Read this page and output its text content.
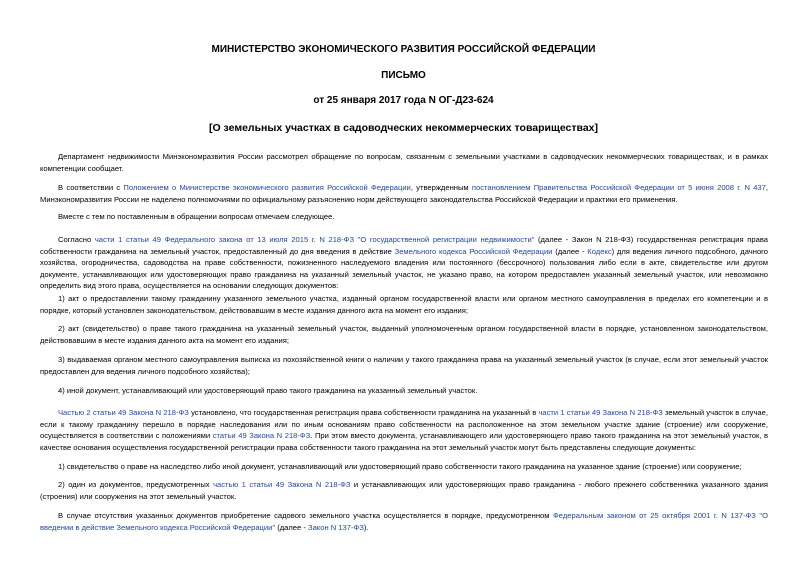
МИНИСТЕРСТВО ЭКОНОМИЧЕСКОГО РАЗВИТИЯ РОССИЙСКОЙ ФЕДЕРАЦИИ
ПИСЬМО
от 25 января 2017 года N ОГ-Д23-624
[О земельных участках в садоводческих некоммерческих товариществах]

Департамент недвижимости Минэкономразвития России рассмотрел обращение по вопросам, связанным с земельными участками в садоводческих некоммерческих товариществах, и в рамках компетенции сообщает.

В соответствии с Положением о Министерстве экономического развития Российской Федерации, утвержденным постановлением Правительства Российской Федерации от 5 июня 2008 г. N 437, Минэкономразвития России не наделено полномочиями по официальному разъяснению норм действующего законодательства Российской Федерации и практики его применения.

Вместе с тем по поставленным в обращении вопросам отмечаем следующее.

Согласно части 1 статьи 49 Федерального закона от 13 июля 2015 г. N 218-ФЗ "О государственной регистрации недвижимости" (далее - Закон N 218-ФЗ) государственная регистрация права собственности гражданина на земельный участок, предоставленный до дня введения в действие Земельного кодекса Российской Федерации (далее - Кодекс) для ведения личного подсобного, дачного хозяйства, огородничества, садоводства на праве собственности, пожизненного наследуемого владения или постоянного (бессрочного) пользования либо если в акте, свидетельстве или другом документе, устанавливающих или удостоверяющих право гражданина на указанный земельный участок, не указано право, на котором предоставлен указанный земельный участок, или невозможно определить вид этого права, осуществляется на основании следующих документов:

1) акт о предоставлении такому гражданину указанного земельного участка, изданный органом государственной власти или органом местного самоуправления в пределах его компетенции и в порядке, который установлен законодательством, действовавшим в месте издания данного акта на момент его издания;

2) акт (свидетельство) о праве такого гражданина на указанный земельный участок, выданный уполномоченным органом государственной власти в порядке, установленном законодательством, действовавшим в месте издания данного акта на момент его издания;

3) выдаваемая органом местного самоуправления выписка из похозяйственной книги о наличии у такого гражданина права на указанный земельный участок (в случае, если этот земельный участок предоставлен для ведения личного подсобного хозяйства);

4) иной документ, устанавливающий или удостоверяющий право такого гражданина на указанный земельный участок.

Частью 2 статьи 49 Закона N 218-ФЗ установлено, что государственная регистрация права собственности гражданина на указанный в части 1 статьи 49 Закона N 218-ФЗ земельный участок в случае, если к такому гражданину перешло в порядке наследования или по иным основаниям право собственности на расположенное на этом земельном участке здание (строение) или сооружение, осуществляется в соответствии с положениями статьи 49 Закона N 218-ФЗ. При этом вместо документа, устанавливающего или удостоверяющего право такого гражданина на этот земельный участок, в качестве основания осуществления государственной регистрации права собственности такого гражданина на этот земельный участок могут быть представлены следующие документы:

1) свидетельство о праве на наследство либо иной документ, устанавливающий или удостоверяющий право собственности такого гражданина на указанное здание (строение) или сооружение;

2) один из документов, предусмотренных частью 1 статьи 49 Закона N 218-ФЗ и устанавливающих или удостоверяющих право гражданина - любого прежнего собственника указанного здания (строения) или сооружения на этот земельный участок.

В случае отсутствия указанных документов приобретение садового земельного участка осуществляется в порядке, предусмотренном Федеральным законом от 25 октября 2001 г. N 137-ФЗ "О введении в действие Земельного кодекса Российской Федерации" (далее - Закон N 137-ФЗ).
